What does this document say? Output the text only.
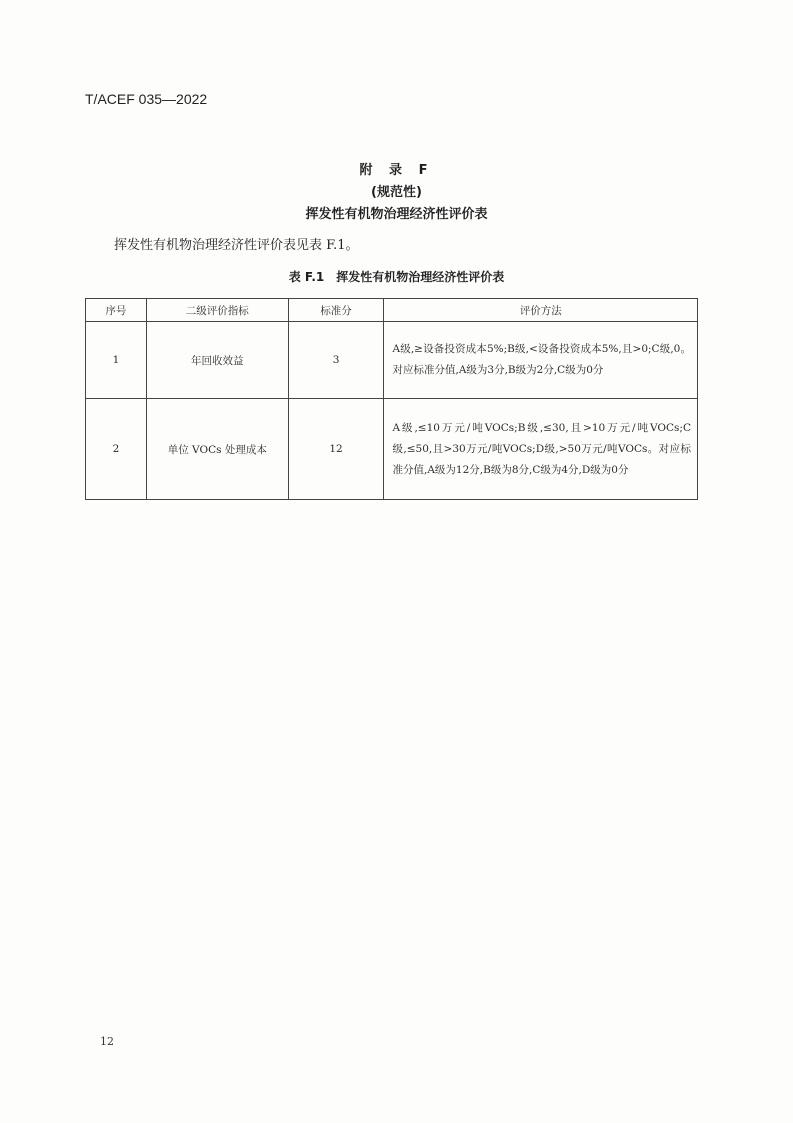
T/ACEF 035—2022
附 录 F
(规范性)
挥发性有机物治理经济性评价表
挥发性有机物治理经济性评价表见表 F.1。
表 F.1 挥发性有机物治理经济性评价表
序号	二级评价指标	标准分	评价方法
1	年回收效益	3	A级,≥设备投资成本5%;B级,<设备投资成本5%,且>0;C级,0。对应标准分值,A级为3分,B级为2分,C级为0分
2	单位 VOCs 处理成本	12	A级,≤10万元/吨VOCs;B级,≤30,且>10万元/吨VOCs;C级,≤50,且>30万元/吨VOCs;D级,>50万元/吨VOCs。对应标准分值,A级为12分,B级为8分,C级为4分,D级为0分
12
